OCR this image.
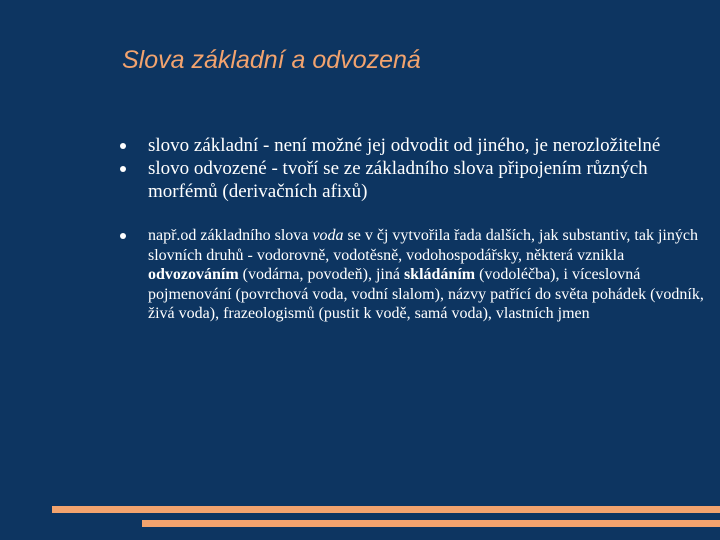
Slova základní a odvozená
slovo základní - není možné jej odvodit od jiného, je nerozložitelné
slovo odvozené - tvoří se ze základního slova připojením různých morfémů (derivačních afixů)
např.od základního slova voda se v čj vytvořila řada dalších, jak substantiv, tak jiných slovních druhů - vodorovně, vodotěsně, vodohospodářsky, některá vznikla odvozováním (vodárna, povodeň), jiná skládáním (vodoléčba), i víceslovná pojmenování (povrchová voda, vodní slalom), názvy patřící do světa pohádek (vodník, živá voda), frazeologismů (pustit k vodě, samá voda), vlastních jmen
